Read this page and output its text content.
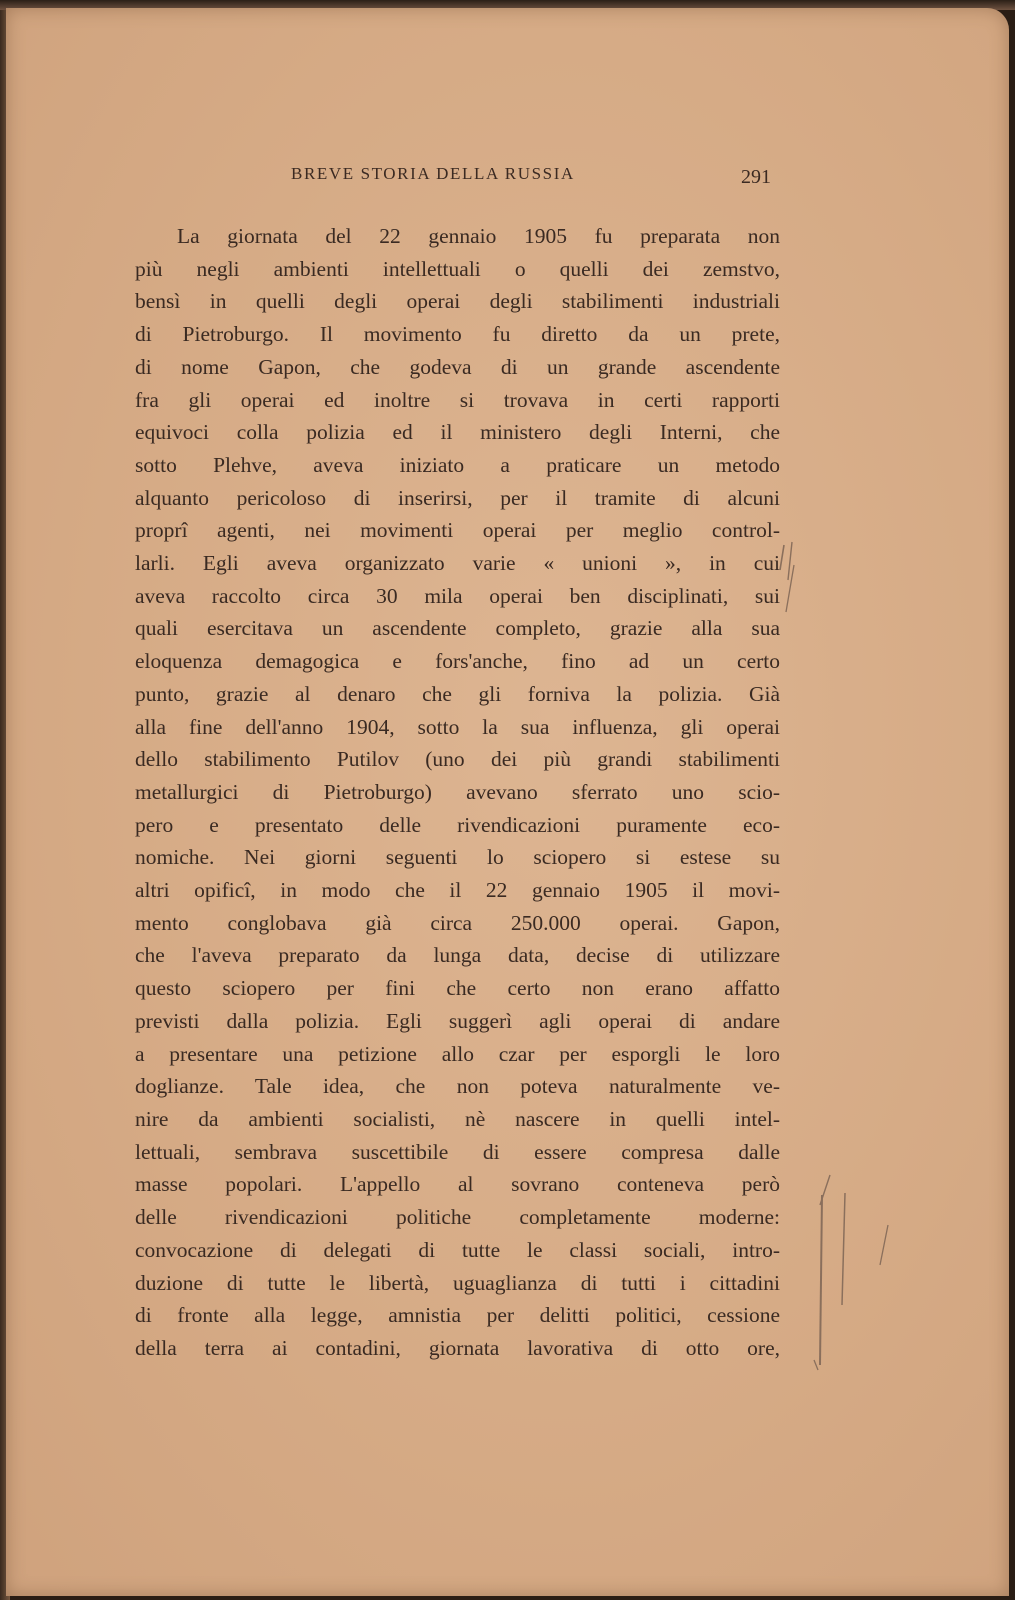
BREVE STORIA DELLA RUSSIA	291
La giornata del 22 gennaio 1905 fu preparata non
più negli ambienti intellettuali o quelli dei zemstvo,
bensì in quelli degli operai degli stabilimenti industriali
di Pietroburgo. Il movimento fu diretto da un prete,
di nome Gapon, che godeva di un grande ascendente
fra gli operai ed inoltre si trovava in certi rapporti
equivoci colla polizia ed il ministero degli Interni, che
sotto Plehve, aveva iniziato a praticare un metodo
alquanto pericoloso di inserirsi, per il tramite di alcuni
proprî agenti, nei movimenti operai per meglio control-
larli. Egli aveva organizzato varie « unioni », in cui
aveva raccolto circa 30 mila operai ben disciplinati, sui
quali esercitava un ascendente completo, grazie alla sua
eloquenza demagogica e fors'anche, fino ad un certo
punto, grazie al denaro che gli forniva la polizia. Già
alla fine dell'anno 1904, sotto la sua influenza, gli operai
dello stabilimento Putilov (uno dei più grandi stabilimenti
metallurgici di Pietroburgo) avevano sferrato uno scio-
pero e presentato delle rivendicazioni puramente eco-
nomiche. Nei giorni seguenti lo sciopero si estese su
altri opificî, in modo che il 22 gennaio 1905 il movi-
mento conglobava già circa 250.000 operai. Gapon,
che l'aveva preparato da lunga data, decise di utilizzare
questo sciopero per fini che certo non erano affatto
previsti dalla polizia. Egli suggerì agli operai di andare
a presentare una petizione allo czar per esporgli le loro
doglianze. Tale idea, che non poteva naturalmente ve-
nire da ambienti socialisti, nè nascere in quelli intel-
lettuali, sembrava suscettibile di essere compresa dalle
masse popolari. L'appello al sovrano conteneva però
delle rivendicazioni politiche completamente moderne:
convocazione di delegati di tutte le classi sociali, intro-
duzione di tutte le libertà, uguaglianza di tutti i cittadini
di fronte alla legge, amnistia per delitti politici, cessione
della terra ai contadini, giornata lavorativa di otto ore,
